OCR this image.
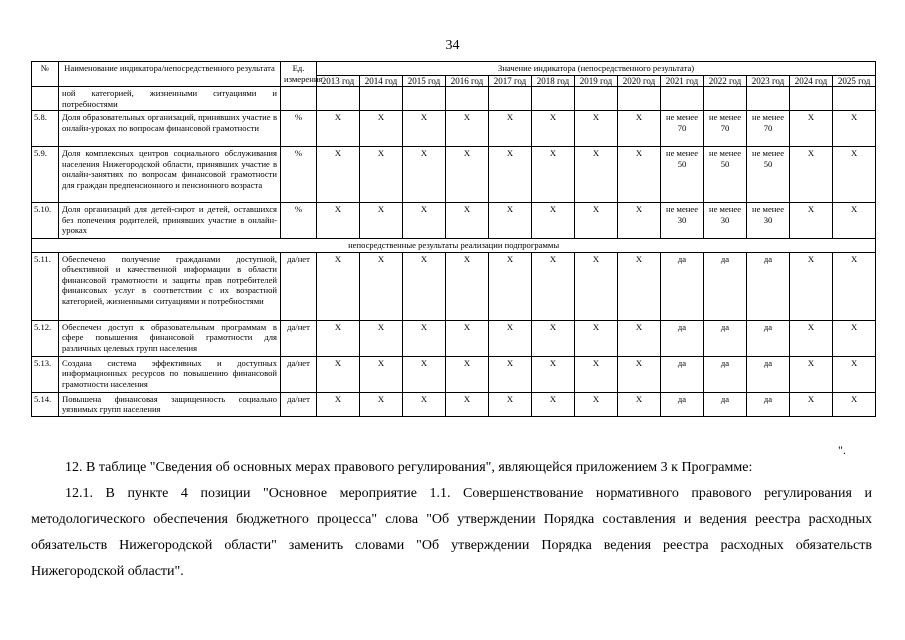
34
№	Наименование индикатора/непосредственного результата	Ед. измерения	Значение индикатора (непосредственного результата)												
			2013 год	2014 год	2015 год	2016 год	2017 год	2018 год	2019 год	2020 год	2021 год	2022 год	2023 год	2024 год	2025 год
	ной категорией, жизненными ситуациями и потребностями														
5.8.	Доля образовательных организаций, принявших участие в онлайн-уроках по вопросам финансовой грамотности	%	X	X	X	X	X	X	X	X	не менее 70	не менее 70	не менее 70	X	X
5.9.	Доля комплексных центров социального обслуживания населения Нижегородской области, принявших участие в онлайн-занятиях по вопросам финансовой грамотности для граждан предпенсионного и пенсионного возраста	%	X	X	X	X	X	X	X	X	не менее 50	не менее 50	не менее 50	X	X
5.10.	Доля организаций для детей-сирот и детей, оставшихся без попечения родителей, принявших участие в онлайн-уроках	%	X	X	X	X	X	X	X	X	не менее 30	не менее 30	не менее 30	X	X
непосредственные результаты реализации подпрограммы															
5.11.	Обеспечено получение гражданами доступной, объективной и качественной информации в области финансовой грамотности и защиты прав потребителей финансовых услуг в соответствии с их возрастной категорией, жизненными ситуациями и потребностями	да/нет	X	X	X	X	X	X	X	X	да	да	да	X	X
5.12.	Обеспечен доступ к образовательным программам в сфере повышения финансовой грамотности для различных целевых групп населения	да/нет	X	X	X	X	X	X	X	X	да	да	да	X	X
5.13.	Создана система эффективных и доступных информационных ресурсов по повышению финансовой грамотности населения	да/нет	X	X	X	X	X	X	X	X	да	да	да	X	X
5.14.	Повышена финансовая защищенность социально уязвимых групп населения	да/нет	X	X	X	X	X	X	X	X	да	да	да	X	X
".

12. В таблице "Сведения об основных мерах правового регулирования", являющейся приложением 3 к Программе:

12.1. В пункте 4 позиции "Основное мероприятие 1.1. Совершенствование нормативного правового регулирования и методологического обеспечения бюджетного процесса" слова "Об утверждении Порядка составления и ведения реестра расходных обязательств Нижегородской области" заменить словами "Об утверждении Порядка ведения реестра расходных обязательств Нижегородской области".
